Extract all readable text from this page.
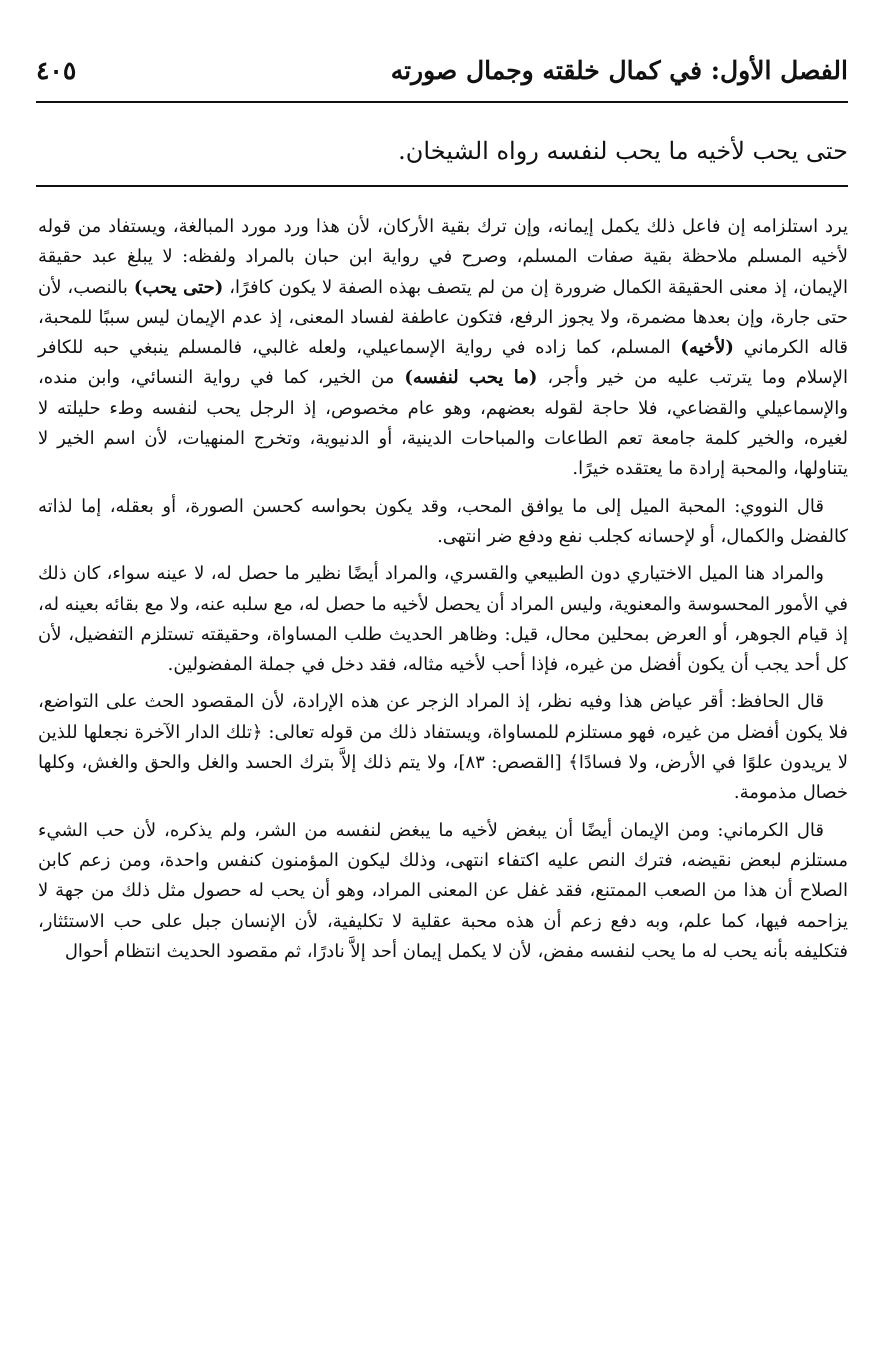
الفصل الأول: في كمال خلقته وجمال صورته
٤٠٥
حتى يحب لأخيه ما يحب لنفسه رواه الشيخان.

يرد استلزامه إن فاعل ذلك يكمل إيمانه، وإن ترك بقية الأركان، لأن هذا ورد مورد المبالغة، ويستفاد من قوله لأخيه المسلم ملاحظة بقية صفات المسلم، وصرح في رواية ابن حبان بالمراد ولفظه: لا يبلغ عبد حقيقة الإيمان، إذ معنى الحقيقة الكمال ضرورة إن من لم يتصف بهذه الصفة لا يكون كافرًا، (حتى يحب) بالنصب، لأن حتى جارة، وإن بعدها مضمرة، ولا يجوز الرفع، فتكون عاطفة لفساد المعنى، إذ عدم الإيمان ليس سببًا للمحبة، قاله الكرماني (لأخيه) المسلم، كما زاده في رواية الإسماعيلي، ولعله غالبي، فالمسلم ينبغي حبه للكافر الإسلام وما يترتب عليه من خير وأجر، (ما يحب لنفسه) من الخير، كما في رواية النسائي، وابن منده، والإسماعيلي والقضاعي، فلا حاجة لقوله بعضهم، وهو عام مخصوص، إذ الرجل يحب لنفسه وطء حليلته لا لغيره، والخير كلمة جامعة تعم الطاعات والمباحات الدينية، أو الدنيوية، وتخرج المنهيات، لأن اسم الخير لا يتناولها، والمحبة إرادة ما يعتقده خيرًا.

قال النووي: المحبة الميل إلى ما يوافق المحب، وقد يكون بحواسه كحسن الصورة، أو بعقله، إما لذاته كالفضل والكمال، أو لإحسانه كجلب نفع ودفع ضر انتهى.

والمراد هنا الميل الاختياري دون الطبيعي والقسري، والمراد أيضًا نظير ما حصل له، لا عينه سواء، كان ذلك في الأمور المحسوسة والمعنوية، وليس المراد أن يحصل لأخيه ما حصل له، مع سلبه عنه، ولا مع بقائه بعينه له، إذ قيام الجوهر، أو العرض بمحلين محال، قيل: وظاهر الحديث طلب المساواة، وحقيقته تستلزم التفضيل، لأن كل أحد يجب أن يكون أفضل من غيره، فإذا أحب لأخيه مثاله، فقد دخل في جملة المفضولين.

قال الحافظ: أقر عياض هذا وفيه نظر، إذ المراد الزجر عن هذه الإرادة، لأن المقصود الحث على التواضع، فلا يكون أفضل من غيره، فهو مستلزم للمساواة، ويستفاد ذلك من قوله تعالى: ﴿تلك الدار الآخرة نجعلها للذين لا يريدون علوًا في الأرض، ولا فسادًا﴾ [القصص: ٨٣]، ولا يتم ذلك إلاَّ بترك الحسد والغل والحق والغش، وكلها خصال مذمومة.

قال الكرماني: ومن الإيمان أيضًا أن يبغض لأخيه ما يبغض لنفسه من الشر، ولم يذكره، لأن حب الشيء مستلزم لبعض نقيضه، فترك النص عليه اكتفاء انتهى، وذلك ليكون المؤمنون كنفس واحدة، ومن زعم كابن الصلاح أن هذا من الصعب الممتنع، فقد غفل عن المعنى المراد، وهو أن يحب له حصول مثل ذلك من جهة لا يزاحمه فيها، كما علم، وبه دفع زعم أن هذه محبة عقلية لا تكليفية، لأن الإنسان جبل على حب الاستئثار، فتكليفه بأنه يحب له ما يحب لنفسه مفض، لأن لا يكمل إيمان أحد إلاَّ نادرًا، ثم مقصود الحديث انتظام أحوال
